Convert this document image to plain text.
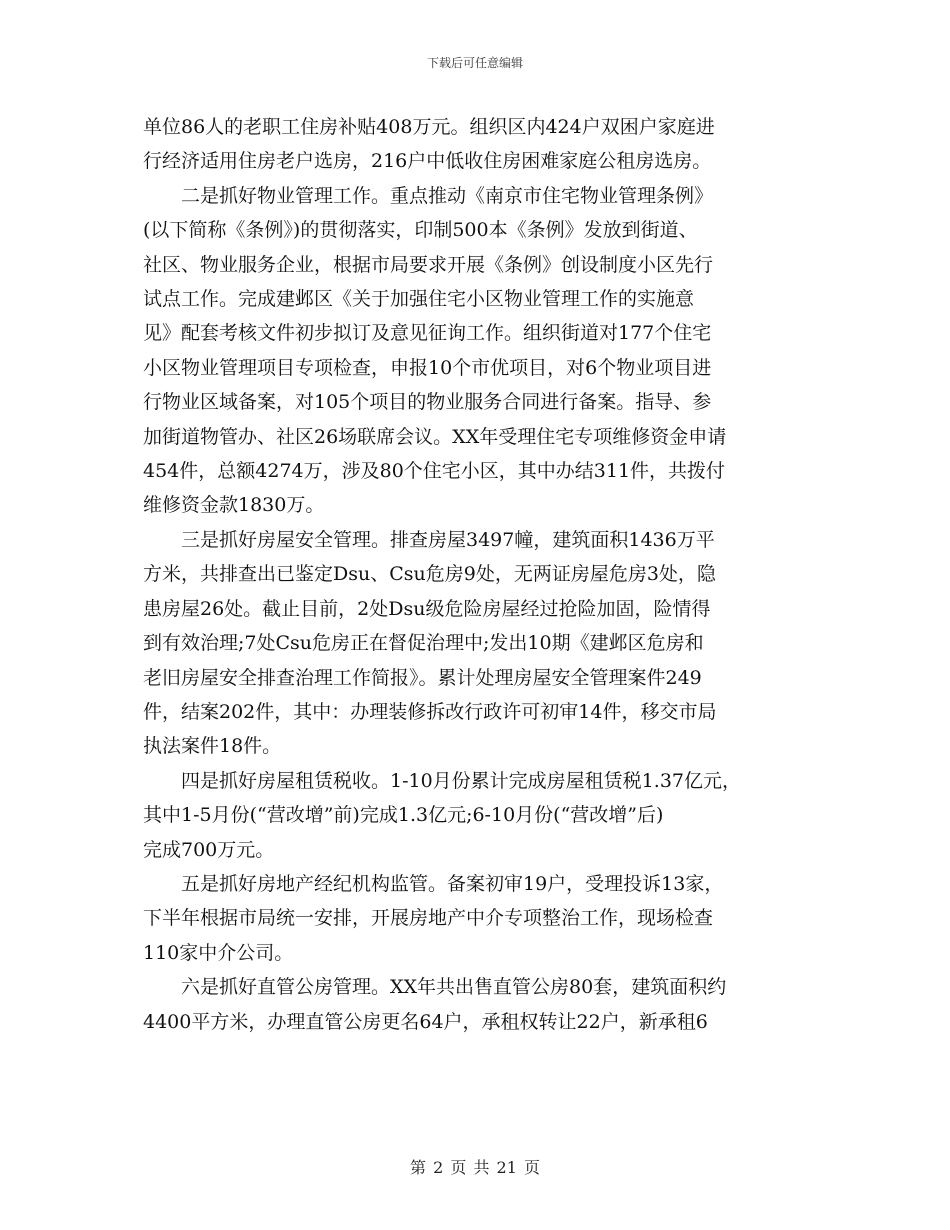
下载后可任意编辑

单位86人的老职工住房补贴408万元。组织区内424户双困户家庭进
行经济适用住房老户选房，216户中低收住房困难家庭公租房选房。

二是抓好物业管理工作。重点推动《南京市住宅物业管理条例》
(以下简称《条例》)的贯彻落实，印制500本《条例》发放到街道、
社区、物业服务企业，根据市局要求开展《条例》创设制度小区先行
试点工作。完成建邺区《关于加强住宅小区物业管理工作的实施意
见》配套考核文件初步拟订及意见征询工作。组织街道对177个住宅
小区物业管理项目专项检查，申报10个市优项目，对6个物业项目进
行物业区域备案，对105个项目的物业服务合同进行备案。指导、参
加街道物管办、社区26场联席会议。XX年受理住宅专项维修资金申请
454件，总额4274万，涉及80个住宅小区，其中办结311件，共拨付
维修资金款1830万。

三是抓好房屋安全管理。排查房屋3497幢，建筑面积1436万平
方米，共排查出已鉴定Dsu、Csu危房9处，无两证房屋危房3处，隐
患房屋26处。截止目前，2处Dsu级危险房屋经过抢险加固，险情得
到有效治理;7处Csu危房正在督促治理中;发出10期《建邺区危房和
老旧房屋安全排查治理工作简报》。累计处理房屋安全管理案件249
件，结案202件，其中：办理装修拆改行政许可初审14件，移交市局
执法案件18件。

四是抓好房屋租赁税收。1-10月份累计完成房屋租赁税1.37亿元，
其中1-5月份(“营改增”前)完成1.3亿元;6-10月份(“营改增”后)
完成700万元。

五是抓好房地产经纪机构监管。备案初审19户，受理投诉13家，
下半年根据市局统一安排，开展房地产中介专项整治工作，现场检查
110家中介公司。

六是抓好直管公房管理。XX年共出售直管公房80套，建筑面积约
4400平方米，办理直管公房更名64户，承租权转让22户，新承租6

第 2 页 共 21 页
